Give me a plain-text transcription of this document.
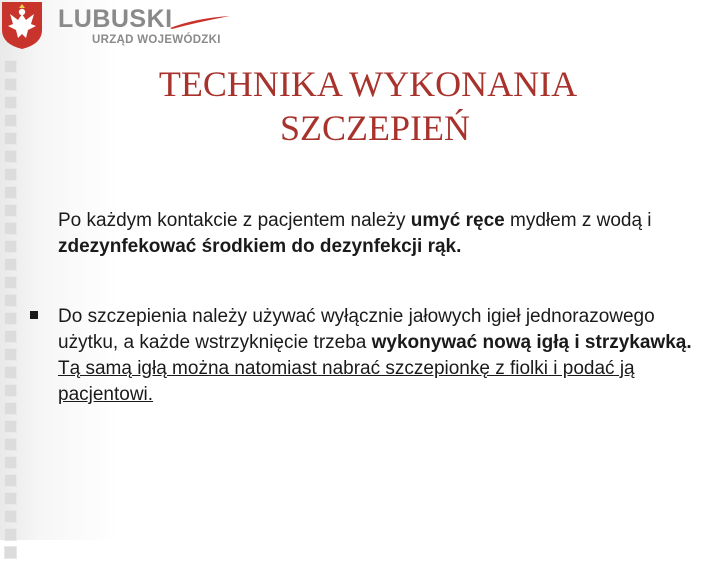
LUBUSKI
URZĄD WOJEWÓDZKI
TECHNIKA WYKONANIA
SZCZEPIEŃ
Po każdym kontakcie z pacjentem należy umyć ręce mydłem z wodą i zdezynfekować środkiem do dezynfekcji rąk.
Do szczepienia należy używać wyłącznie jałowych igieł jednorazowego użytku, a każde wstrzyknięcie trzeba wykonywać nową igłą i strzykawką.
Tą samą igłą można natomiast nabrać szczepionkę z fiolki i podać ją pacjentowi.
